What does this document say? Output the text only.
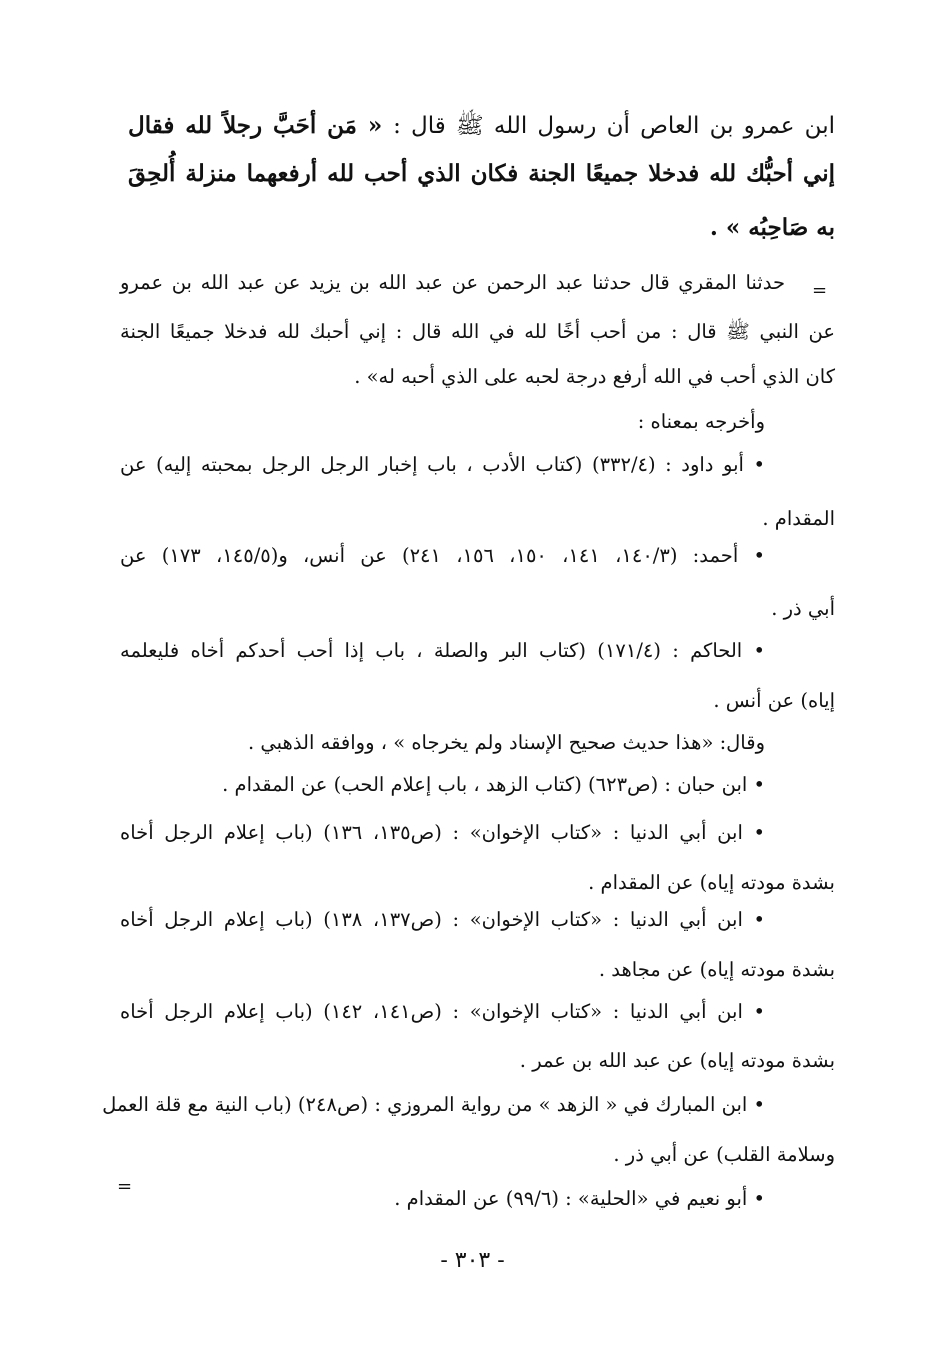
ابن عمرو بن العاص أن رسول الله ﷺ قال : « مَن أحَبَّ رجلاً لله فقال
إني أحبُّك لله فدخلا جميعًا الجنة فكان الذي أحب لله أرفعهما منزلة أُلحِقَ
به صَاحِبُه » .
=
=
حدثنا المقري قال حدثنا عبد الرحمن عن عبد الله بن يزيد عن عبد الله بن عمرو
عن النبي ﷺ قال : من أحب أخًا لله في الله قال : إني أحبك لله فدخلا جميعًا الجنة
كان الذي أحب في الله أرفع درجة لحبه على الذي أحبه له» .
وأخرجه بمعناه :
• أبو داود : (٣٣٢/٤) (كتاب الأدب ، باب إخبار الرجل الرجل بمحبته إليه) عن
المقدام .
• أحمد: (١٤٠/٣، ١٤١، ١٥٠، ١٥٦، ٢٤١) عن أنس، و(١٤٥/٥، ١٧٣) عن
أبي ذر .
• الحاكم : (١٧١/٤) (كتاب البر والصلة ، باب إذا أحب أحدكم أخاه فليعلمه
إياه) عن أنس .
وقال: «هذا حديث صحيح الإسناد ولم يخرجاه » ، ووافقه الذهبي .
• ابن حبان : (ص٦٢٣) (كتاب الزهد ، باب إعلام الحب) عن المقدام .
• ابن أبي الدنيا : «كتاب الإخوان» : (ص١٣٥، ١٣٦) (باب إعلام الرجل أخاه
بشدة مودته إياه) عن المقدام .
• ابن أبي الدنيا : «كتاب الإخوان» : (ص١٣٧، ١٣٨) (باب إعلام الرجل أخاه
بشدة مودته إياه) عن مجاهد .
• ابن أبي الدنيا : «كتاب الإخوان» : (ص١٤١، ١٤٢) (باب إعلام الرجل أخاه
بشدة مودته إياه) عن عبد الله بن عمر .
• ابن المبارك في « الزهد » من رواية المروزي : (ص٢٤٨) (باب النية مع قلة العمل
وسلامة القلب) عن أبي ذر .
• أبو نعيم في «الحلية» : (٩٩/٦) عن المقدام .
- ٣٠٣ -
